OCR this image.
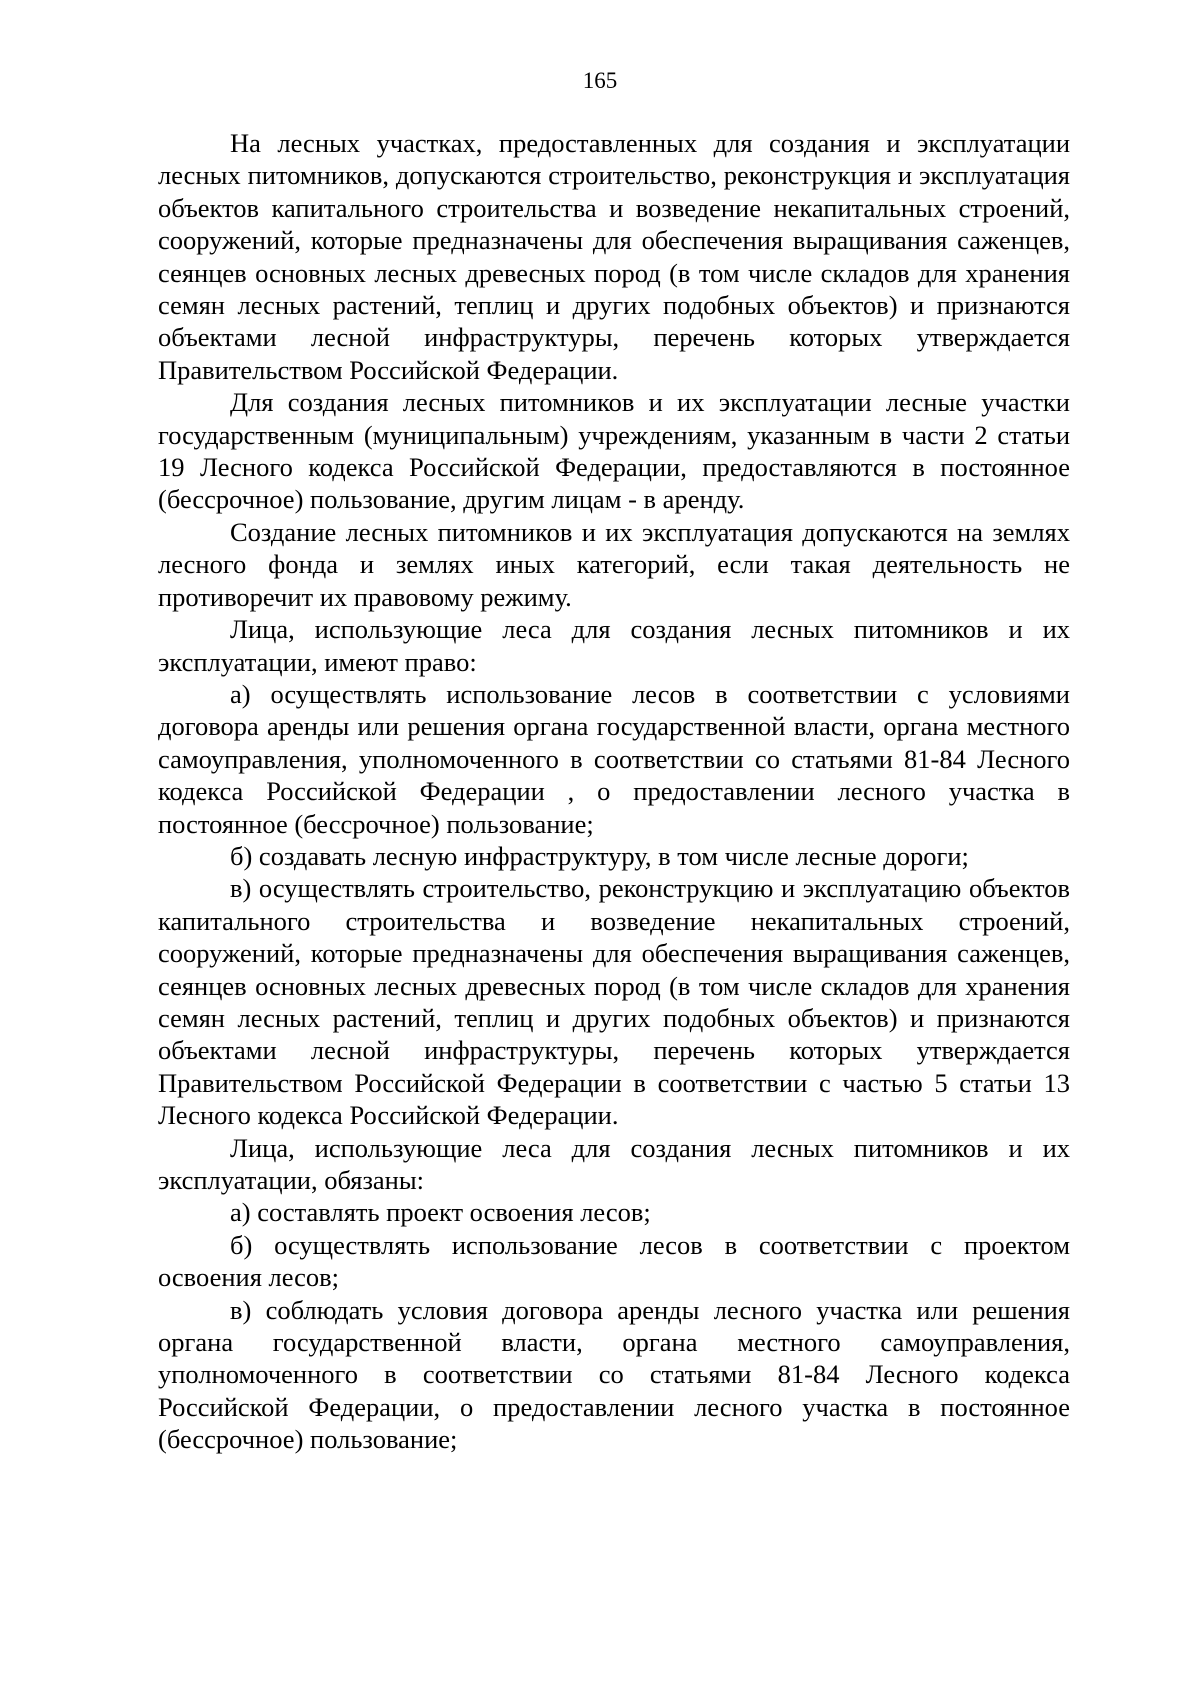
165

На лесных участках, предоставленных для создания и эксплуатации лесных питомников, допускаются строительство, реконструкция и эксплуатация объектов капитального строительства и возведение некапитальных строений, сооружений, которые предназначены для обеспечения выращивания саженцев, сеянцев основных лесных древесных пород (в том числе складов для хранения семян лесных растений, теплиц и других подобных объектов) и признаются объектами лесной инфраструктуры, перечень которых утверждается Правительством Российской Федерации.

Для создания лесных питомников и их эксплуатации лесные участки государственным (муниципальным) учреждениям, указанным в части 2 статьи 19 Лесного кодекса Российской Федерации, предоставляются в постоянное (бессрочное) пользование, другим лицам - в аренду.

Создание лесных питомников и их эксплуатация допускаются на землях лесного фонда и землях иных категорий, если такая деятельность не противоречит их правовому режиму.

Лица, использующие леса для создания лесных питомников и их эксплуатации, имеют право:

а) осуществлять использование лесов в соответствии с условиями договора аренды или решения органа государственной власти, органа местного самоуправления, уполномоченного в соответствии со статьями 81-84 Лесного кодекса Российской Федерации , о предоставлении лесного участка в постоянное (бессрочное) пользование;

б) создавать лесную инфраструктуру, в том числе лесные дороги;

в) осуществлять строительство, реконструкцию и эксплуатацию объектов капитального строительства и возведение некапитальных строений, сооружений, которые предназначены для обеспечения выращивания саженцев, сеянцев основных лесных древесных пород (в том числе складов для хранения семян лесных растений, теплиц и других подобных объектов) и признаются объектами лесной инфраструктуры, перечень которых утверждается Правительством Российской Федерации в соответствии с частью 5 статьи 13 Лесного кодекса Российской Федерации.

Лица, использующие леса для создания лесных питомников и их эксплуатации, обязаны:

а) составлять проект освоения лесов;

б) осуществлять использование лесов в соответствии с проектом освоения лесов;

в) соблюдать условия договора аренды лесного участка или решения органа государственной власти, органа местного самоуправления, уполномоченного в соответствии со статьями 81-84 Лесного кодекса Российской Федерации, о предоставлении лесного участка в постоянное (бессрочное) пользование;
